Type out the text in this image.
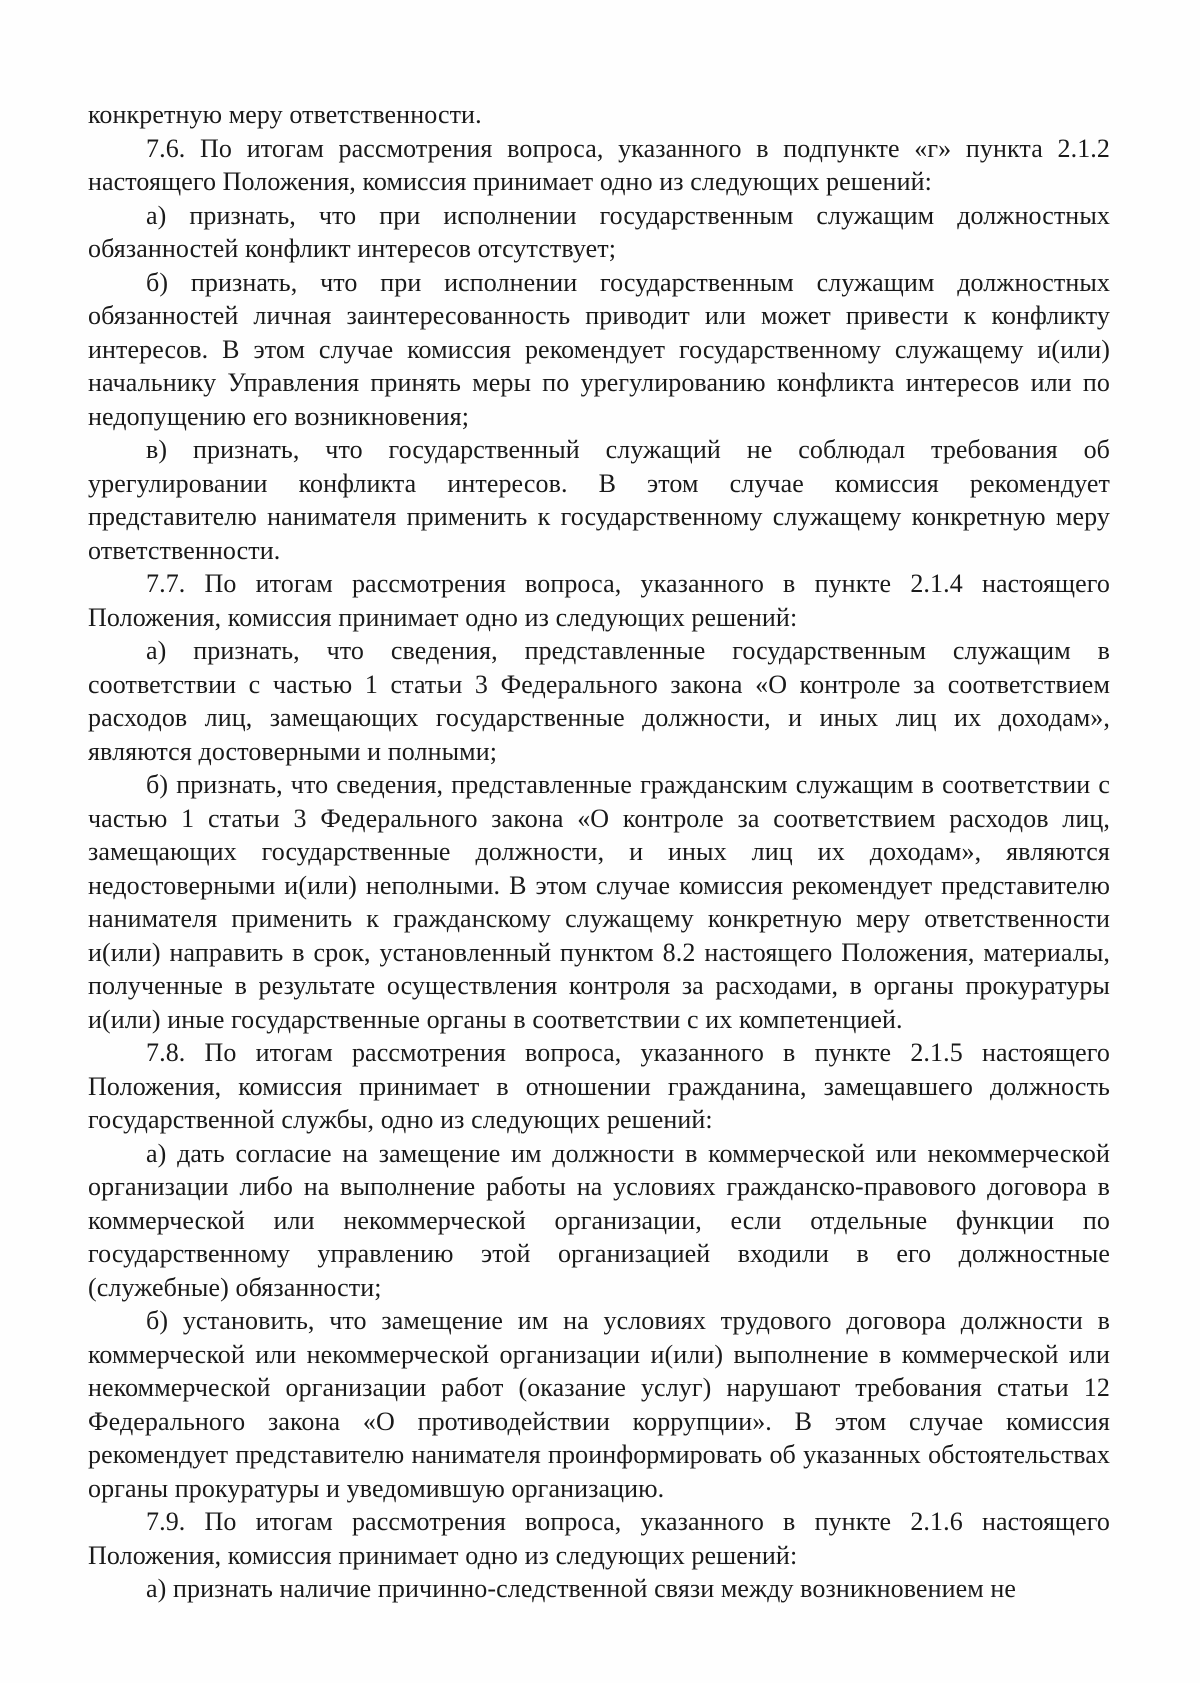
конкретную меру ответственности.

7.6. По итогам рассмотрения вопроса, указанного в подпункте «г» пункта 2.1.2 настоящего Положения, комиссия принимает одно из следующих решений:

а) признать, что при исполнении государственным служащим должностных обязанностей конфликт интересов отсутствует;

б) признать, что при исполнении государственным служащим должностных обязанностей личная заинтересованность приводит или может привести к конфликту интересов. В этом случае комиссия рекомендует государственному служащему и(или) начальнику Управления принять меры по урегулированию конфликта интересов или по недопущению его возникновения;

в) признать, что государственный служащий не соблюдал требования об урегулировании конфликта интересов. В этом случае комиссия рекомендует представителю нанимателя применить к государственному служащему конкретную меру ответственности.

7.7. По итогам рассмотрения вопроса, указанного в пункте 2.1.4 настоящего Положения, комиссия принимает одно из следующих решений:

а) признать, что сведения, представленные государственным служащим в соответствии с частью 1 статьи 3 Федерального закона «О контроле за соответствием расходов лиц, замещающих государственные должности, и иных лиц их доходам», являются достоверными и полными;

б) признать, что сведения, представленные гражданским служащим в соответствии с частью 1 статьи 3 Федерального закона «О контроле за соответствием расходов лиц, замещающих государственные должности, и иных лиц их доходам», являются недостоверными и(или) неполными. В этом случае комиссия рекомендует представителю нанимателя применить к гражданскому служащему конкретную меру ответственности и(или) направить в срок, установленный пунктом 8.2 настоящего Положения, материалы, полученные в результате осуществления контроля за расходами, в органы прокуратуры и(или) иные государственные органы в соответствии с их компетенцией.

7.8. По итогам рассмотрения вопроса, указанного в пункте 2.1.5 настоящего Положения, комиссия принимает в отношении гражданина, замещавшего должность государственной службы, одно из следующих решений:

а) дать согласие на замещение им должности в коммерческой или некоммерческой организации либо на выполнение работы на условиях гражданско-правового договора в коммерческой или некоммерческой организации, если отдельные функции по государственному управлению этой организацией входили в его должностные (служебные) обязанности;

б) установить, что замещение им на условиях трудового договора должности в коммерческой или некоммерческой организации и(или) выполнение в коммерческой или некоммерческой организации работ (оказание услуг) нарушают требования статьи 12 Федерального закона «О противодействии коррупции». В этом случае комиссия рекомендует представителю нанимателя проинформировать об указанных обстоятельствах органы прокуратуры и уведомившую организацию.

7.9. По итогам рассмотрения вопроса, указанного в пункте 2.1.6 настоящего Положения, комиссия принимает одно из следующих решений:

а) признать наличие причинно-следственной связи между возникновением не
